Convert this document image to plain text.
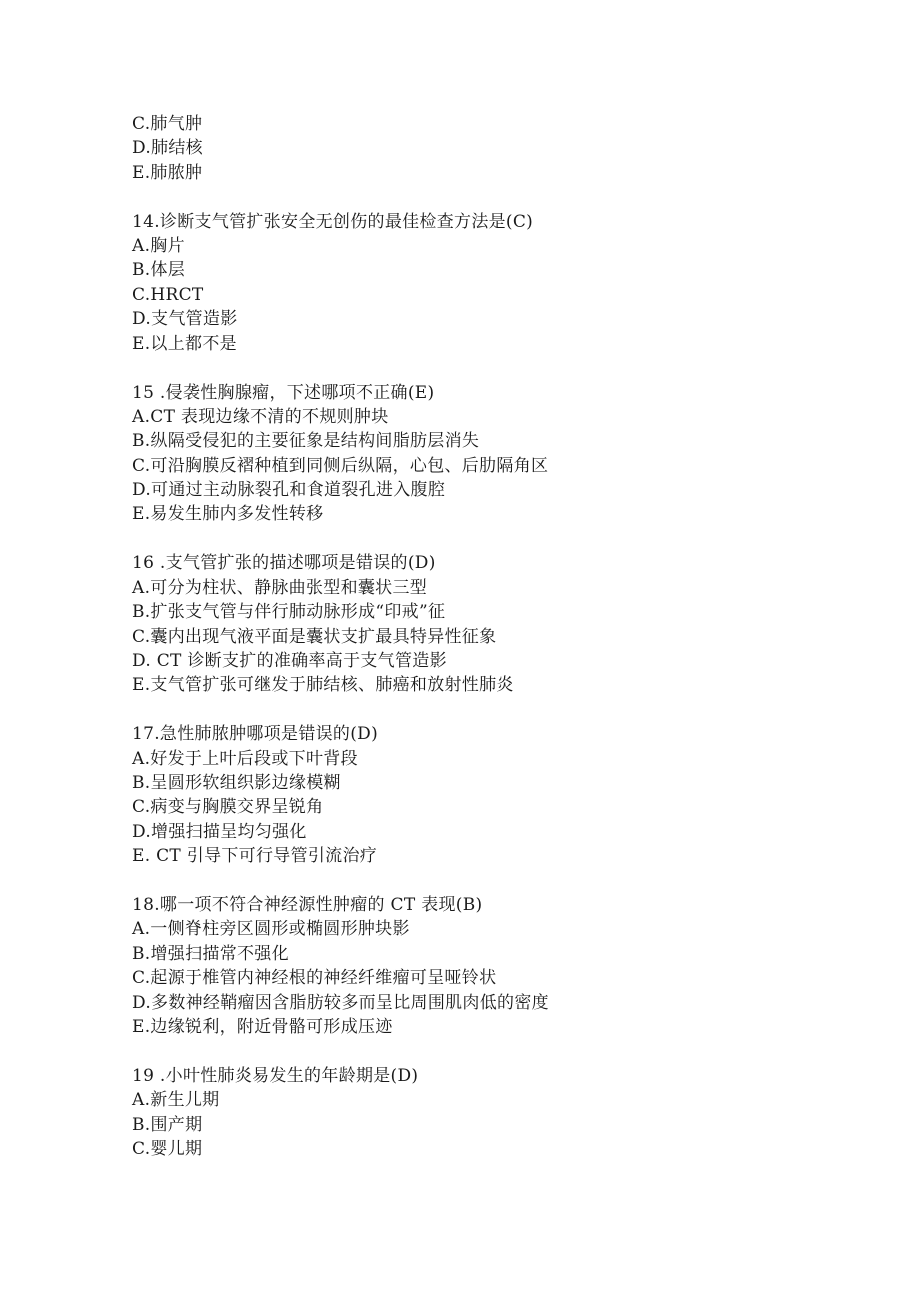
C.肺气肿
D.肺结核
E.肺脓肿
14.诊断支气管扩张安全无创伤的最佳检查方法是(C)
A.胸片
B.体层
C.HRCT
D.支气管造影
E.以上都不是
15 .侵袭性胸腺瘤，下述哪项不正确(E)
A.CT 表现边缘不清的不规则肿块
B.纵隔受侵犯的主要征象是结构间脂肪层消失
C.可沿胸膜反褶种植到同侧后纵隔，心包、后肋隔角区
D.可通过主动脉裂孔和食道裂孔进入腹腔
E.易发生肺内多发性转移
16 .支气管扩张的描述哪项是错误的(D)
A.可分为柱状、静脉曲张型和囊状三型
B.扩张支气管与伴行肺动脉形成“印戒”征
C.囊内出现气液平面是囊状支扩最具特异性征象
D. CT 诊断支扩的准确率高于支气管造影
E.支气管扩张可继发于肺结核、肺癌和放射性肺炎
17.急性肺脓肿哪项是错误的(D)
A.好发于上叶后段或下叶背段
B.呈圆形软组织影边缘模糊
C.病变与胸膜交界呈锐角
D.增强扫描呈均匀强化
E. CT 引导下可行导管引流治疗
18.哪一项不符合神经源性肿瘤的 CT 表现(B)
A.一侧脊柱旁区圆形或椭圆形肿块影
B.增强扫描常不强化
C.起源于椎管内神经根的神经纤维瘤可呈哑铃状
D.多数神经鞘瘤因含脂肪较多而呈比周围肌肉低的密度
E.边缘锐利，附近骨骼可形成压迹
19 .小叶性肺炎易发生的年龄期是(D)
A.新生儿期
B.围产期
C.婴儿期
